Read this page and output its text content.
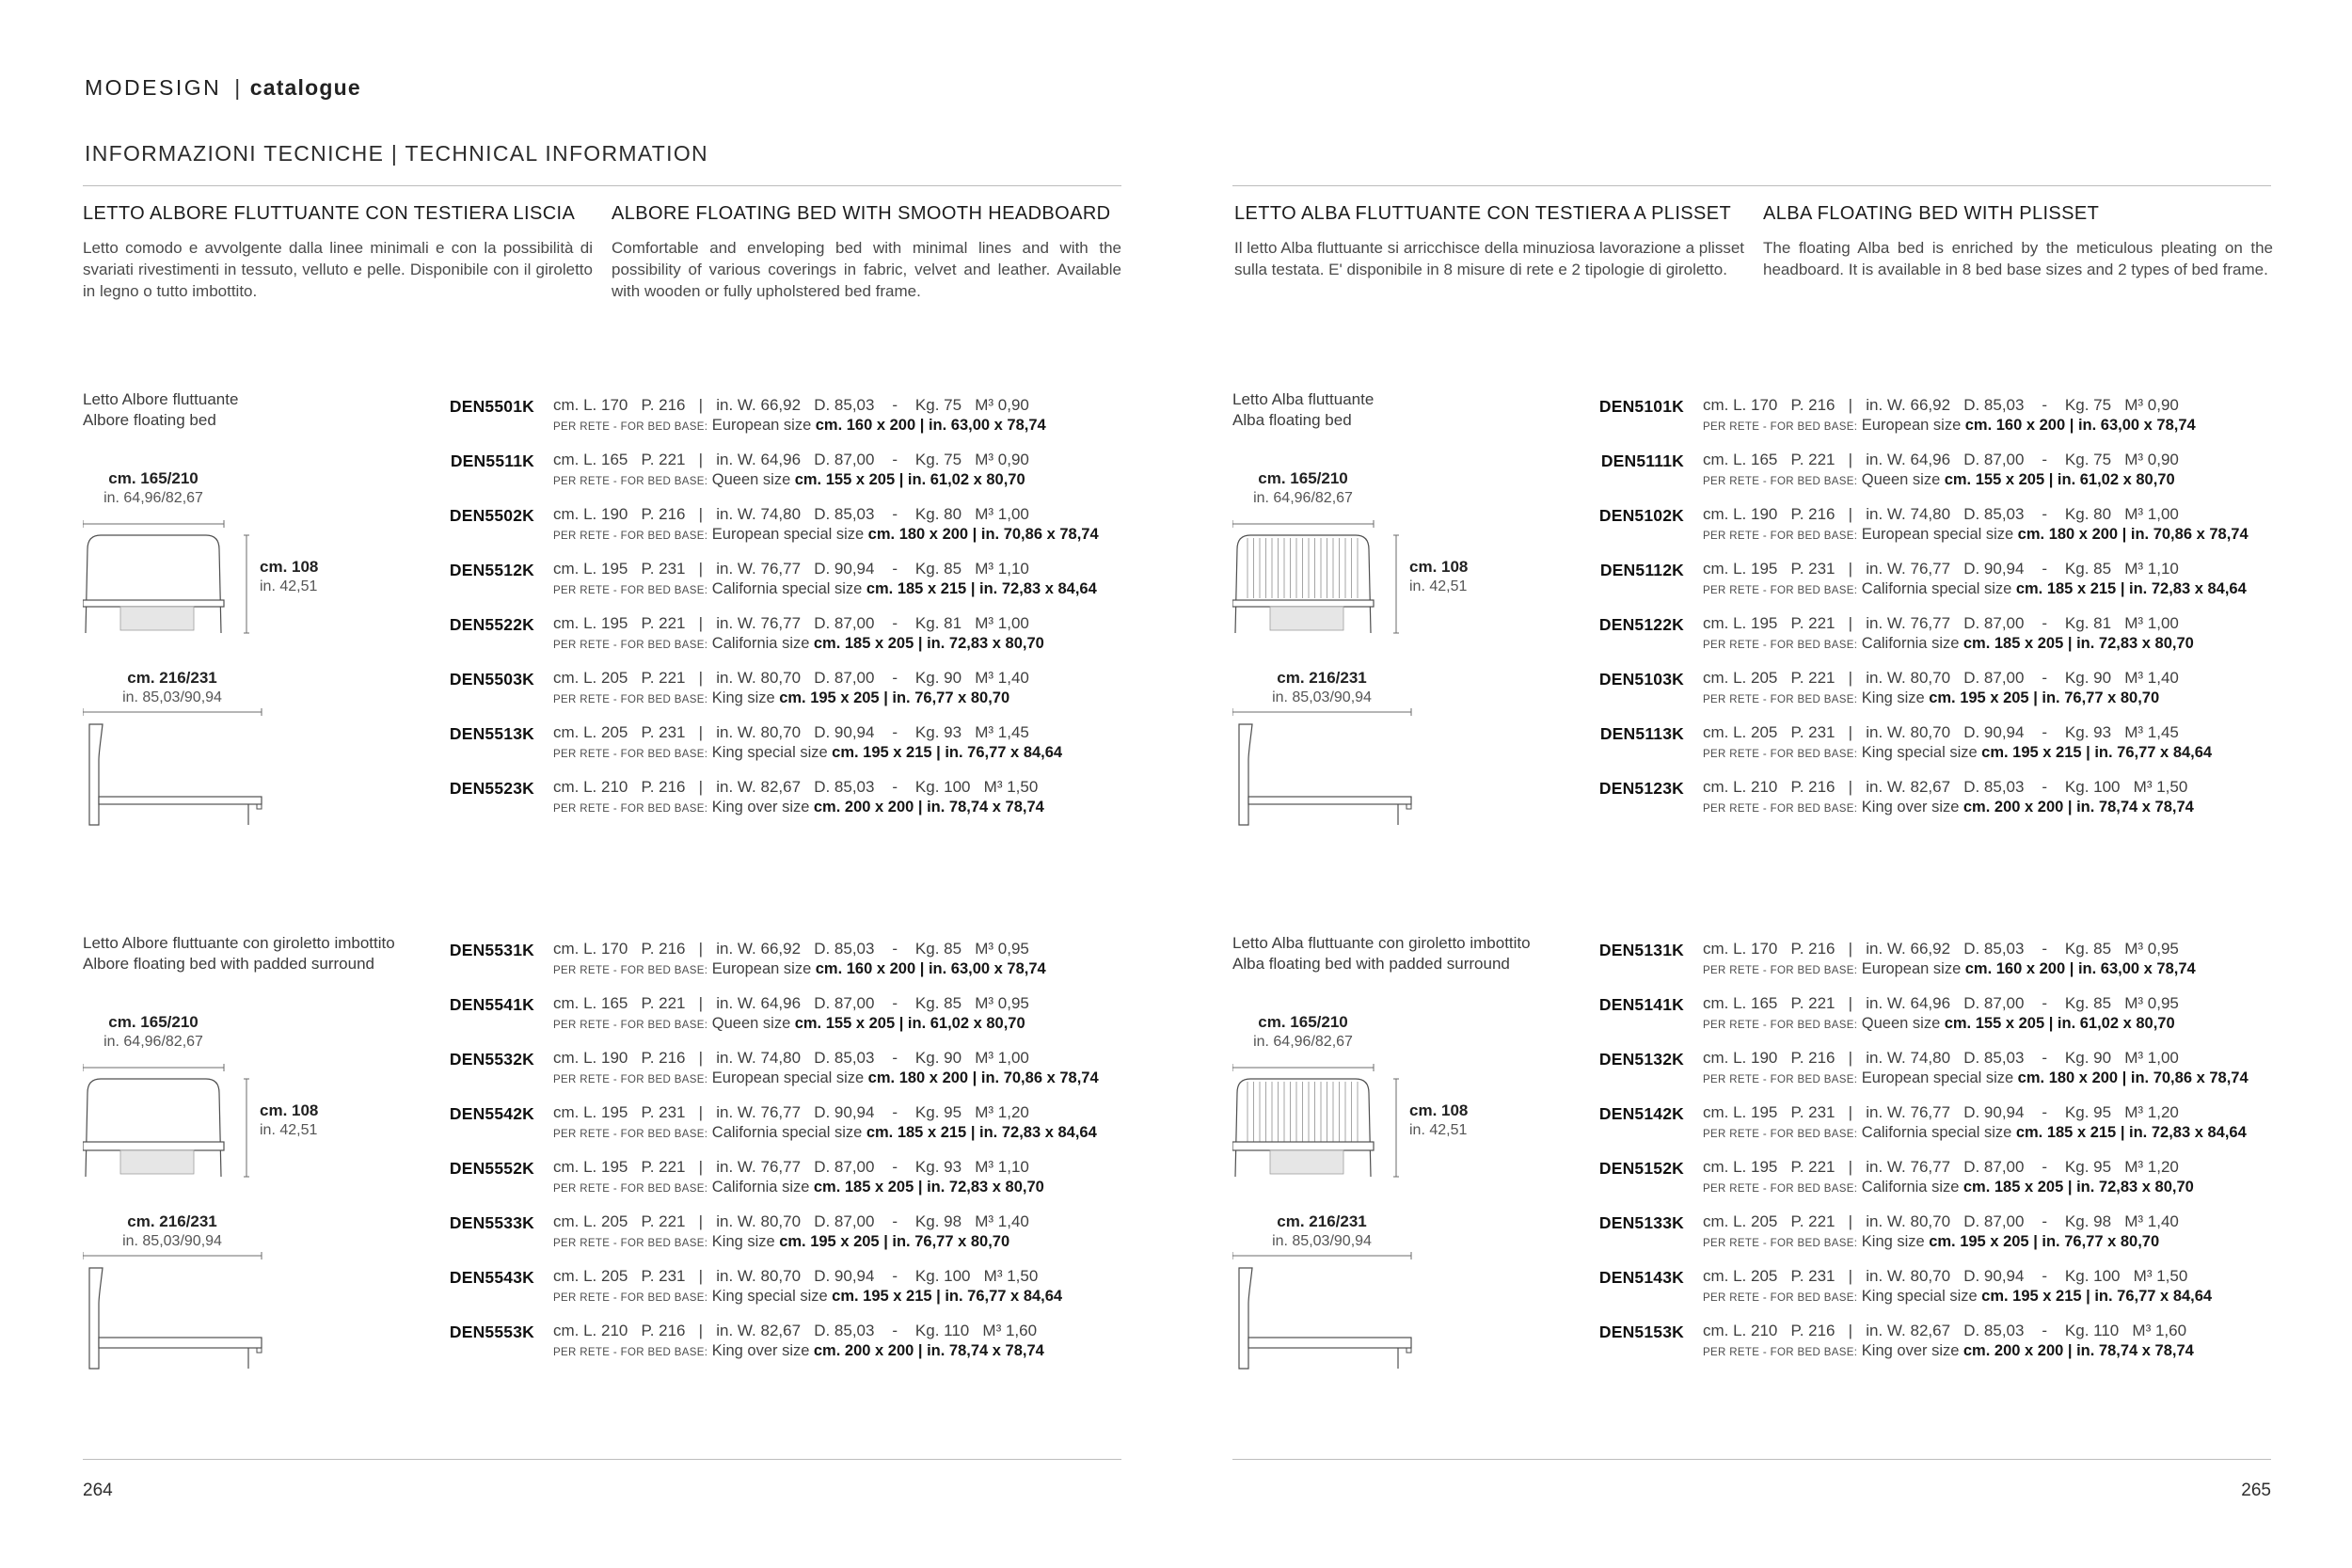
MODESIGN | catalogue
INFORMAZIONI TECNICHE | TECHNICAL INFORMATION
LETTO ALBORE FLUTTUANTE CON TESTIERA LISCIA

Letto comodo e avvolgente dalla linee minimali e con la possibilità di svariati rivestimenti in tessuto, velluto e pelle. Disponibile con il giroletto in legno o tutto imbottito.

ALBORE FLOATING BED WITH SMOOTH HEADBOARD

Comfortable and enveloping bed with minimal lines and with the possibility of various coverings in fabric, velvet and leather. Available with wooden or fully upholstered bed frame.

LETTO ALBA FLUTTUANTE CON TESTIERA A PLISSET

Il letto Alba fluttuante si arricchisce della minuziosa lavorazione a plisset sulla testata. E' disponibile in 8 misure di rete e 2 tipologie di giroletto.

ALBA FLOATING BED WITH PLISSET

The floating Alba bed is enriched by the meticulous pleating on the headboard. It is available in 8 bed base sizes and 2 types of bed frame.

Letto Albore fluttuante
Albore floating bed
cm. 165/210
in. 64,96/82,67
cm. 108
in. 42,51
cm. 216/231
in. 85,03/90,94
DEN5501K cm. L. 170   P. 216   |   in. W. 66,92   D. 85,03    -    Kg. 75   M³ 0,90
PER RETE - FOR BED BASE: European size cm. 160 x 200 | in. 63,00 x 78,74
DEN5511K cm. L. 165   P. 221   |   in. W. 64,96   D. 87,00    -    Kg. 75   M³ 0,90
PER RETE - FOR BED BASE: Queen size cm. 155 x 205 | in. 61,02 x 80,70
DEN5502K cm. L. 190   P. 216   |   in. W. 74,80   D. 85,03    -    Kg. 80   M³ 1,00
PER RETE - FOR BED BASE: European special size cm. 180 x 200 | in. 70,86 x 78,74
DEN5512K cm. L. 195   P. 231   |   in. W. 76,77   D. 90,94    -    Kg. 85   M³ 1,10
PER RETE - FOR BED BASE: California special size cm. 185 x 215 | in. 72,83 x 84,64
DEN5522K cm. L. 195   P. 221   |   in. W. 76,77   D. 87,00    -    Kg. 81   M³ 1,00
PER RETE - FOR BED BASE: California size cm. 185 x 205 | in. 72,83 x 80,70
DEN5503K cm. L. 205   P. 221   |   in. W. 80,70   D. 87,00    -    Kg. 90   M³ 1,40
PER RETE - FOR BED BASE: King size cm. 195 x 205 | in. 76,77 x 80,70
DEN5513K cm. L. 205   P. 231   |   in. W. 80,70   D. 90,94    -    Kg. 93   M³ 1,45
PER RETE - FOR BED BASE: King special size cm. 195 x 215 | in. 76,77 x 84,64
DEN5523K cm. L. 210   P. 216   |   in. W. 82,67   D. 85,03    -    Kg. 100   M³ 1,50
PER RETE - FOR BED BASE: King over size cm. 200 x 200 | in. 78,74 x 78,74
Letto Albore fluttuante con giroletto imbottito
Albore floating bed with padded surround
cm. 165/210
in. 64,96/82,67
cm. 108
in. 42,51
cm. 216/231
in. 85,03/90,94
DEN5531K cm. L. 170   P. 216   |   in. W. 66,92   D. 85,03    -    Kg. 85   M³ 0,95
PER RETE - FOR BED BASE: European size cm. 160 x 200 | in. 63,00 x 78,74
DEN5541K cm. L. 165   P. 221   |   in. W. 64,96   D. 87,00    -    Kg. 85   M³ 0,95
PER RETE - FOR BED BASE: Queen size cm. 155 x 205 | in. 61,02 x 80,70
DEN5532K cm. L. 190   P. 216   |   in. W. 74,80   D. 85,03    -    Kg. 90   M³ 1,00
PER RETE - FOR BED BASE: European special size cm. 180 x 200 | in. 70,86 x 78,74
DEN5542K cm. L. 195   P. 231   |   in. W. 76,77   D. 90,94    -    Kg. 95   M³ 1,20
PER RETE - FOR BED BASE: California special size cm. 185 x 215 | in. 72,83 x 84,64
DEN5552K cm. L. 195   P. 221   |   in. W. 76,77   D. 87,00    -    Kg. 93   M³ 1,10
PER RETE - FOR BED BASE: California size cm. 185 x 205 | in. 72,83 x 80,70
DEN5533K cm. L. 205   P. 221   |   in. W. 80,70   D. 87,00    -    Kg. 98   M³ 1,40
PER RETE - FOR BED BASE: King size cm. 195 x 205 | in. 76,77 x 80,70
DEN5543K cm. L. 205   P. 231   |   in. W. 80,70   D. 90,94    -    Kg. 100   M³ 1,50
PER RETE - FOR BED BASE: King special size cm. 195 x 215 | in. 76,77 x 84,64
DEN5553K cm. L. 210   P. 216   |   in. W. 82,67   D. 85,03    -    Kg. 110   M³ 1,60
PER RETE - FOR BED BASE: King over size cm. 200 x 200 | in. 78,74 x 78,74
Letto Alba fluttuante
Alba floating bed
cm. 165/210
in. 64,96/82,67
cm. 108
in. 42,51
cm. 216/231
in. 85,03/90,94
DEN5101K cm. L. 170   P. 216   |   in. W. 66,92   D. 85,03    -    Kg. 75   M³ 0,90
PER RETE - FOR BED BASE: European size cm. 160 x 200 | in. 63,00 x 78,74
DEN5111K cm. L. 165   P. 221   |   in. W. 64,96   D. 87,00    -    Kg. 75   M³ 0,90
PER RETE - FOR BED BASE: Queen size cm. 155 x 205 | in. 61,02 x 80,70
DEN5102K cm. L. 190   P. 216   |   in. W. 74,80   D. 85,03    -    Kg. 80   M³ 1,00
PER RETE - FOR BED BASE: European special size cm. 180 x 200 | in. 70,86 x 78,74
DEN5112K cm. L. 195   P. 231   |   in. W. 76,77   D. 90,94    -    Kg. 85   M³ 1,10
PER RETE - FOR BED BASE: California special size cm. 185 x 215 | in. 72,83 x 84,64
DEN5122K cm. L. 195   P. 221   |   in. W. 76,77   D. 87,00    -    Kg. 81   M³ 1,00
PER RETE - FOR BED BASE: California size cm. 185 x 205 | in. 72,83 x 80,70
DEN5103K cm. L. 205   P. 221   |   in. W. 80,70   D. 87,00    -    Kg. 90   M³ 1,40
PER RETE - FOR BED BASE: King size cm. 195 x 205 | in. 76,77 x 80,70
DEN5113K cm. L. 205   P. 231   |   in. W. 80,70   D. 90,94    -    Kg. 93   M³ 1,45
PER RETE - FOR BED BASE: King special size cm. 195 x 215 | in. 76,77 x 84,64
DEN5123K cm. L. 210   P. 216   |   in. W. 82,67   D. 85,03    -    Kg. 100   M³ 1,50
PER RETE - FOR BED BASE: King over size cm. 200 x 200 | in. 78,74 x 78,74
Letto Alba fluttuante con giroletto imbottito
Alba floating bed with padded surround
cm. 165/210
in. 64,96/82,67
cm. 108
in. 42,51
cm. 216/231
in. 85,03/90,94
DEN5131K cm. L. 170   P. 216   |   in. W. 66,92   D. 85,03    -    Kg. 85   M³ 0,95
PER RETE - FOR BED BASE: European size cm. 160 x 200 | in. 63,00 x 78,74
DEN5141K cm. L. 165   P. 221   |   in. W. 64,96   D. 87,00    -    Kg. 85   M³ 0,95
PER RETE - FOR BED BASE: Queen size cm. 155 x 205 | in. 61,02 x 80,70
DEN5132K cm. L. 190   P. 216   |   in. W. 74,80   D. 85,03    -    Kg. 90   M³ 1,00
PER RETE - FOR BED BASE: European special size cm. 180 x 200 | in. 70,86 x 78,74
DEN5142K cm. L. 195   P. 231   |   in. W. 76,77   D. 90,94    -    Kg. 95   M³ 1,20
PER RETE - FOR BED BASE: California special size cm. 185 x 215 | in. 72,83 x 84,64
DEN5152K cm. L. 195   P. 221   |   in. W. 76,77   D. 87,00    -    Kg. 95   M³ 1,20
PER RETE - FOR BED BASE: California size cm. 185 x 205 | in. 72,83 x 80,70
DEN5133K cm. L. 205   P. 221   |   in. W. 80,70   D. 87,00    -    Kg. 98   M³ 1,40
PER RETE - FOR BED BASE: King size cm. 195 x 205 | in. 76,77 x 80,70
DEN5143K cm. L. 205   P. 231   |   in. W. 80,70   D. 90,94    -    Kg. 100   M³ 1,50
PER RETE - FOR BED BASE: King special size cm. 195 x 215 | in. 76,77 x 84,64
DEN5153K cm. L. 210   P. 216   |   in. W. 82,67   D. 85,03    -    Kg. 110   M³ 1,60
PER RETE - FOR BED BASE: King over size cm. 200 x 200 | in. 78,74 x 78,74
264	265
